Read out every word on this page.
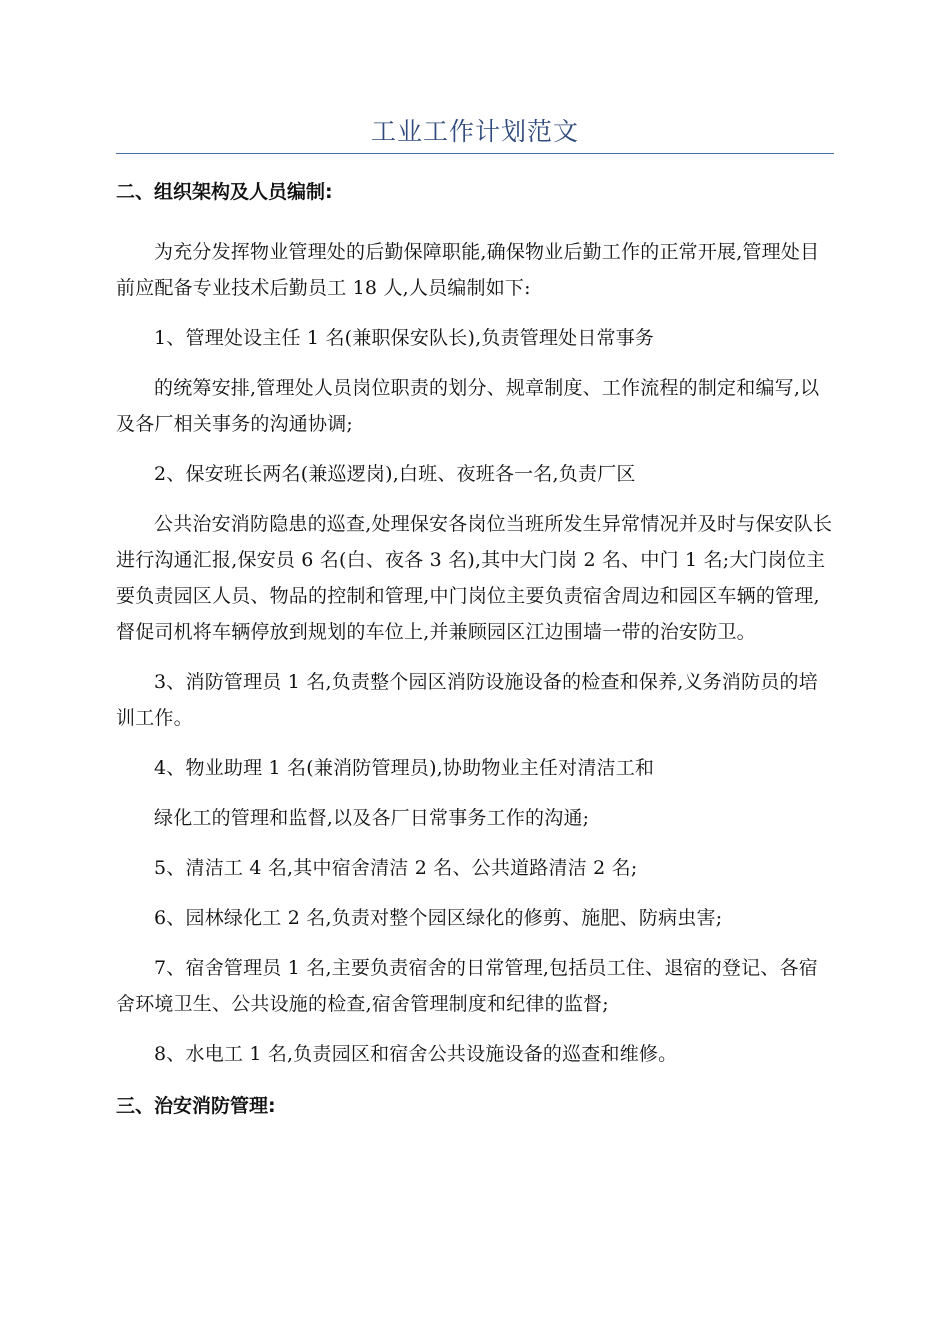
工业工作计划范文

二、组织架构及人员编制:

为充分发挥物业管理处的后勤保障职能,确保物业后勤工作的正常开展,管理处目前应配备专业技术后勤员工 18 人,人员编制如下:

1、管理处设主任 1 名(兼职保安队长),负责管理处日常事务

的统筹安排,管理处人员岗位职责的划分、规章制度、工作流程的制定和编写,以及各厂相关事务的沟通协调;

2、保安班长两名(兼巡逻岗),白班、夜班各一名,负责厂区

公共治安消防隐患的巡查,处理保安各岗位当班所发生异常情况并及时与保安队长进行沟通汇报,保安员 6 名(白、夜各 3 名),其中大门岗 2 名、中门 1 名;大门岗位主要负责园区人员、物品的控制和管理,中门岗位主要负责宿舍周边和园区车辆的管理,督促司机将车辆停放到规划的车位上,并兼顾园区江边围墙一带的治安防卫。

3、消防管理员 1 名,负责整个园区消防设施设备的检查和保养,义务消防员的培训工作。

4、物业助理 1 名(兼消防管理员),协助物业主任对清洁工和

绿化工的管理和监督,以及各厂日常事务工作的沟通;

5、清洁工 4 名,其中宿舍清洁 2 名、公共道路清洁 2 名;

6、园林绿化工 2 名,负责对整个园区绿化的修剪、施肥、防病虫害;

7、宿舍管理员 1 名,主要负责宿舍的日常管理,包括员工住、退宿的登记、各宿舍环境卫生、公共设施的检查,宿舍管理制度和纪律的监督;

8、水电工 1 名,负责园区和宿舍公共设施设备的巡查和维修。

三、治安消防管理:
